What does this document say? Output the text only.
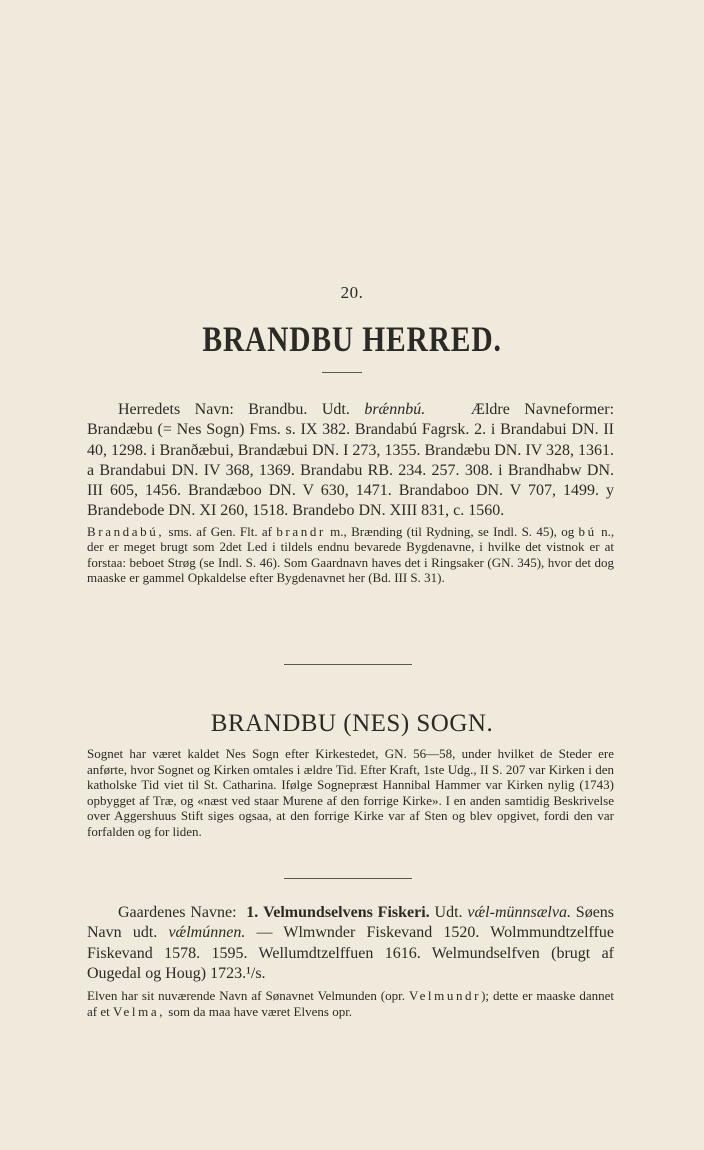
20.
BRANDBU HERRED.

Herredets Navn: Brandbu. Udt. brǽnnbú.	Ældre Navneformer: Brandæbu (= Nes Sogn) Fms. s. IX 382. Brandabú Fagrsk. 2. i Brandabui DN. II 40, 1298. i Branðæbui, Brandæbui DN. I 273, 1355. Brandæbu DN. IV 328, 1361. a Brandabui DN. IV 368, 1369. Brandabu RB. 234. 257. 308. i Brandhabw DN. III 605, 1456. Brandæboo DN. V 630, 1471. Brandaboo DN. V 707, 1499. y Brandebode DN. XI 260, 1518. Brandebo DN. XIII 831, c. 1560.

Brandabú, sms. af Gen. Flt. af brandr m., Brænding (til Rydning, se Indl. S. 45), og bú n., der er meget brugt som 2det Led i tildels endnu bevarede Bygdenavne, i hvilke det vistnok er at forstaa: beboet Strøg (se Indl. S. 46). Som Gaardnavn haves det i Ringsaker (GN. 345), hvor det dog maaske er gammel Opkaldelse efter Bygdenavnet her (Bd. III S. 31).

BRANDBU (NES) SOGN.

Sognet har været kaldet Nes Sogn efter Kirkestedet, GN. 56—58, under hvilket de Steder ere anførte, hvor Sognet og Kirken omtales i ældre Tid. Efter Kraft, 1ste Udg., II S. 207 var Kirken i den katholske Tid viet til St. Catharina. Ifølge Sognepræst Hannibal Hammer var Kirken nylig (1743) opbygget af Træ, og «næst ved staar Murene af den forrige Kirke». I en anden samtidig Beskrivelse over Aggershuus Stift siges ogsaa, at den forrige Kirke var af Sten og blev opgivet, fordi den var forfalden og for liden.

Gaardenes Navne: 1. Velmundselvens Fiskeri. Udt. vǽl-münnsælva. Søens Navn udt. vǽlmúnnen. — Wlmwnder Fiskevand 1520. Wolmmundtzelffue Fiskevand 1578. 1595. Wellumdtzelffuen 1616. Welmundselfven (brugt af Ougedal og Houg) 1723.¹/s.

Elven har sit nuværende Navn af Sønavnet Velmunden (opr. Velmundr); dette er maaske dannet af et Velma, som da maa have været Elvens opr.
